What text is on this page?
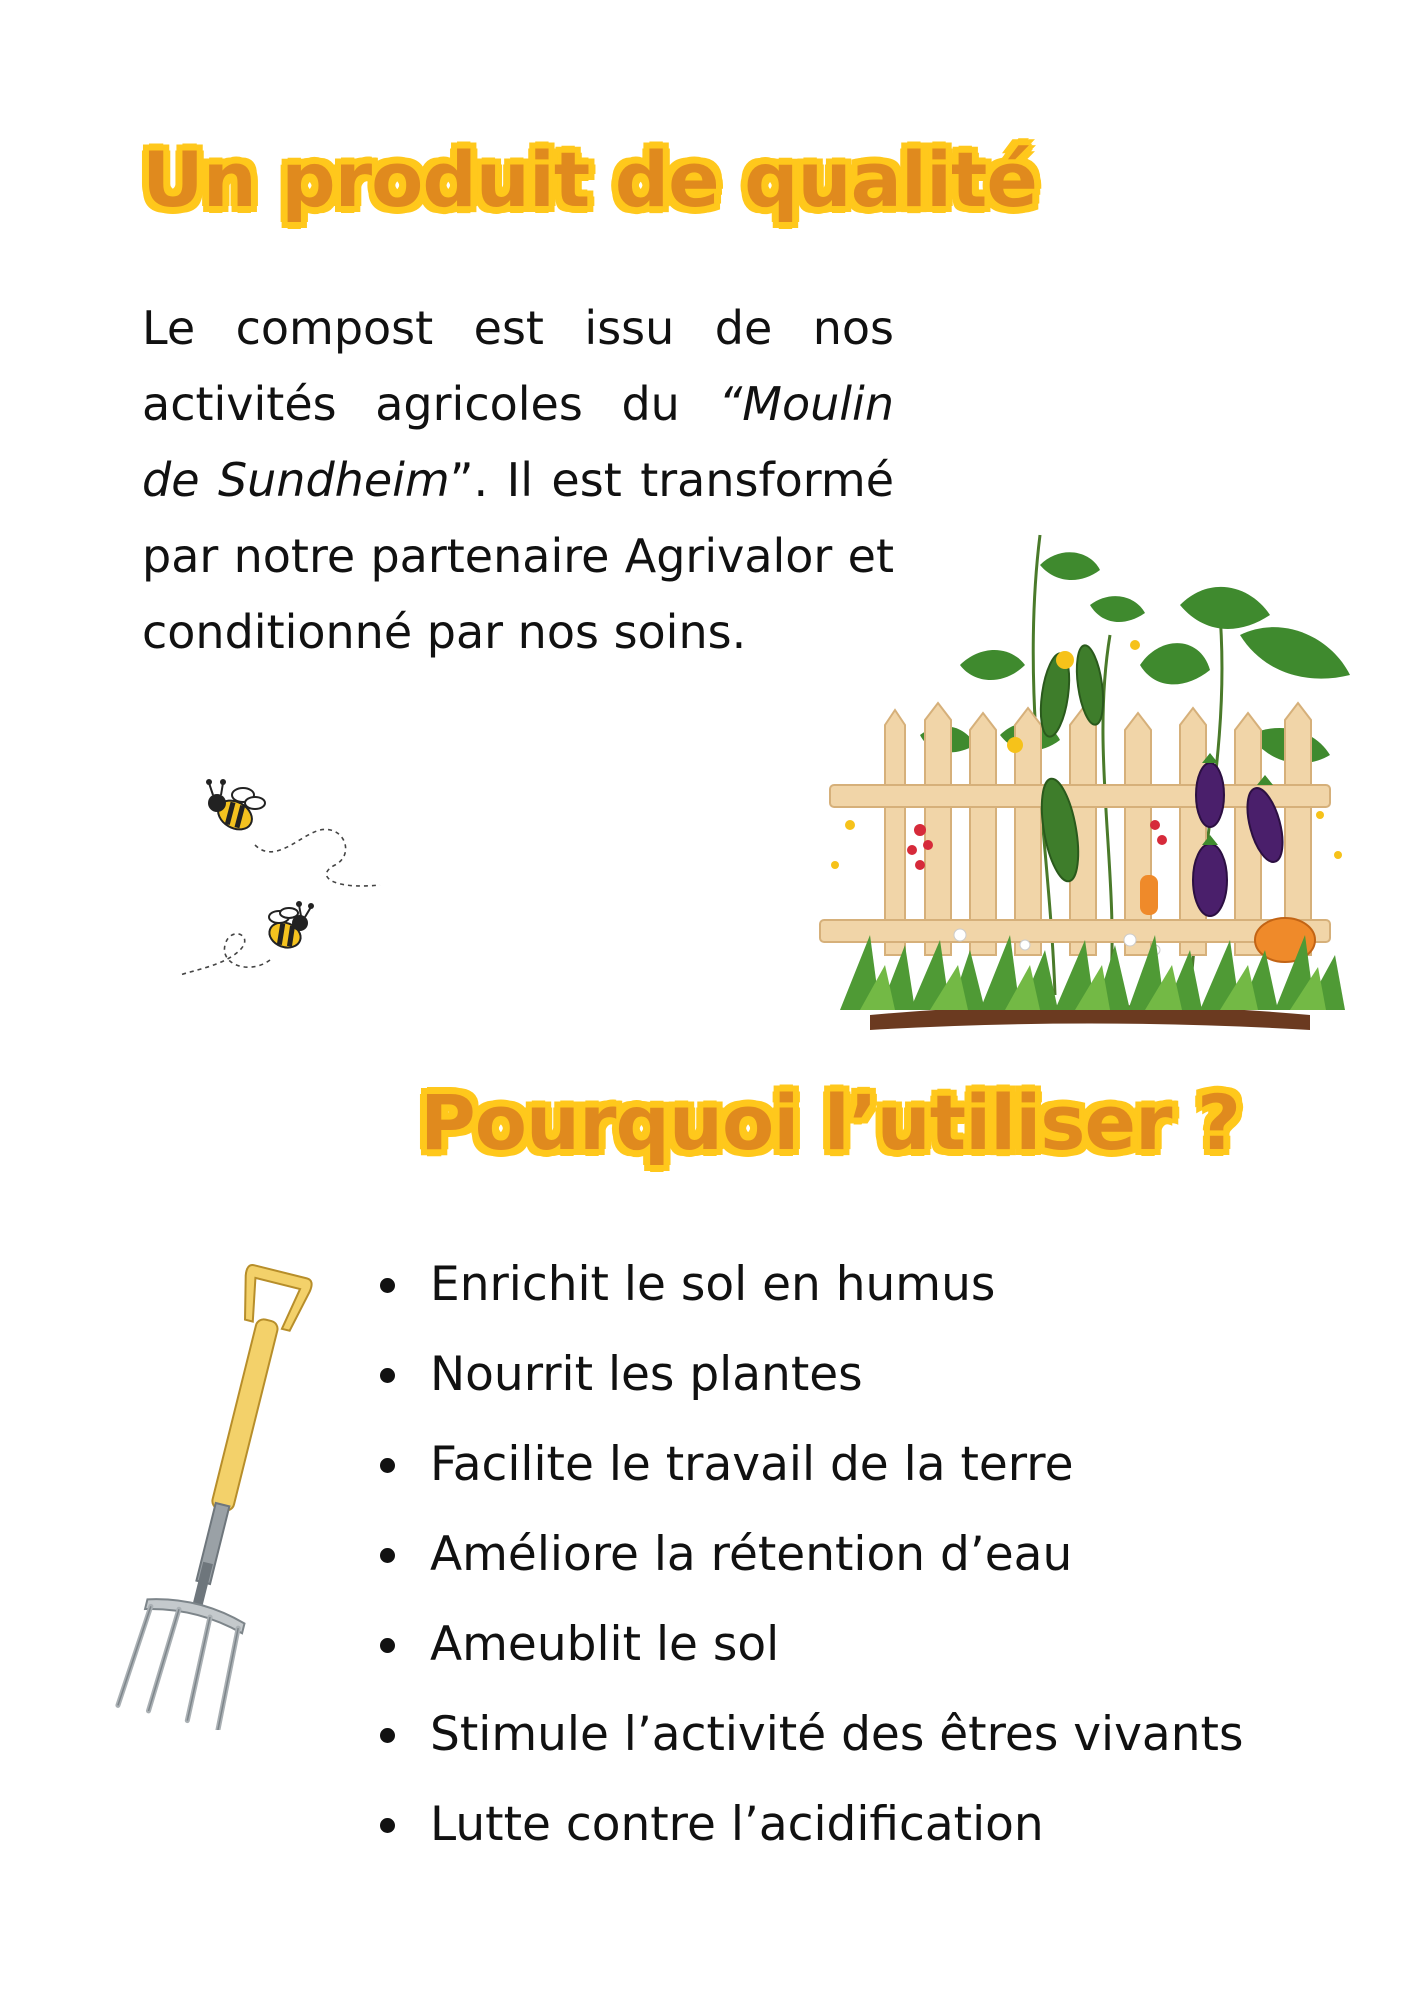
Un produit de qualité

Le compost est issu de nos activités agricoles du “Moulin de Sundheim”. Il est transformé par notre partenaire Agrivalor et conditionné par nos soins.

Pourquoi l’utiliser ?
Enrichit le sol en humus
Nourrit les plantes
Facilite le travail de la terre
Améliore la rétention d’eau
Ameublit le sol
Stimule l’activité des êtres vivants
Lutte contre l’acidification
